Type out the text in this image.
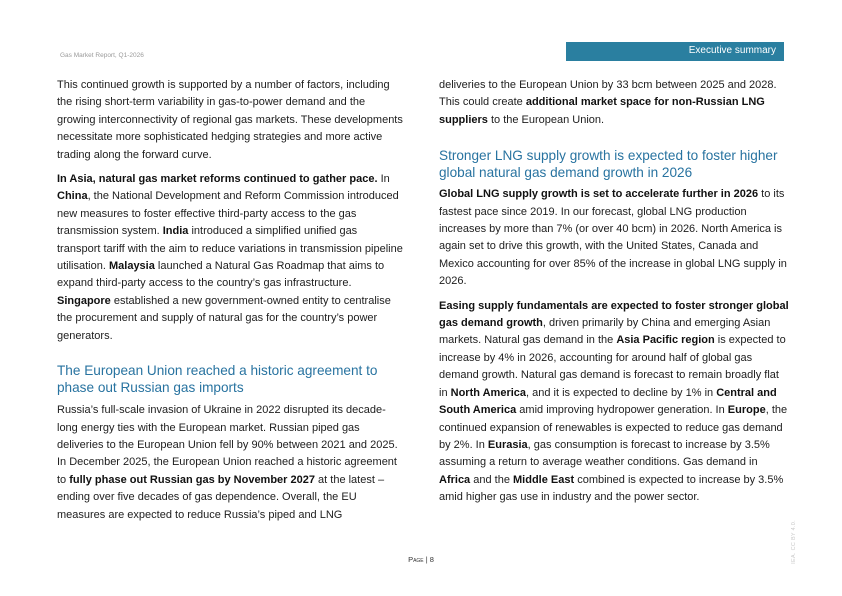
Gas Market Report, Q1-2026	Executive summary

This continued growth is supported by a number of factors, including the rising short-term variability in gas-to-power demand and the growing interconnectivity of regional gas markets. These developments necessitate more sophisticated hedging strategies and more active trading along the forward curve.

In Asia, natural gas market reforms continued to gather pace. In China, the National Development and Reform Commission introduced new measures to foster effective third-party access to the gas transmission system. India introduced a simplified unified gas transport tariff with the aim to reduce variations in transmission pipeline utilisation. Malaysia launched a Natural Gas Roadmap that aims to expand third-party access to the country’s gas infrastructure. Singapore established a new government-owned entity to centralise the procurement and supply of natural gas for the country’s power generators.

The European Union reached a historic agreement to phase out Russian gas imports

Russia’s full-scale invasion of Ukraine in 2022 disrupted its decade-long energy ties with the European market. Russian piped gas deliveries to the European Union fell by 90% between 2021 and 2025. In December 2025, the European Union reached a historic agreement to fully phase out Russian gas by November 2027 at the latest – ending over five decades of gas dependence. Overall, the EU measures are expected to reduce Russia’s piped and LNG

deliveries to the European Union by 33 bcm between 2025 and 2028. This could create additional market space for non-Russian LNG suppliers to the European Union.

Stronger LNG supply growth is expected to foster higher global natural gas demand growth in 2026

Global LNG supply growth is set to accelerate further in 2026 to its fastest pace since 2019. In our forecast, global LNG production increases by more than 7% (or over 40 bcm) in 2026. North America is again set to drive this growth, with the United States, Canada and Mexico accounting for over 85% of the increase in global LNG supply in 2026.

Easing supply fundamentals are expected to foster stronger global gas demand growth, driven primarily by China and emerging Asian markets. Natural gas demand in the Asia Pacific region is expected to increase by 4% in 2026, accounting for around half of global gas demand growth. Natural gas demand is forecast to remain broadly flat in North America, and it is expected to decline by 1% in Central and South America amid improving hydropower generation. In Europe, the continued expansion of renewables is expected to reduce gas demand by 2%. In Eurasia, gas consumption is forecast to increase by 3.5% assuming a return to average weather conditions. Gas demand in Africa and the Middle East combined is expected to increase by 3.5% amid higher gas use in industry and the power sector.

Page | 8	IEA. CC BY 4.0.
